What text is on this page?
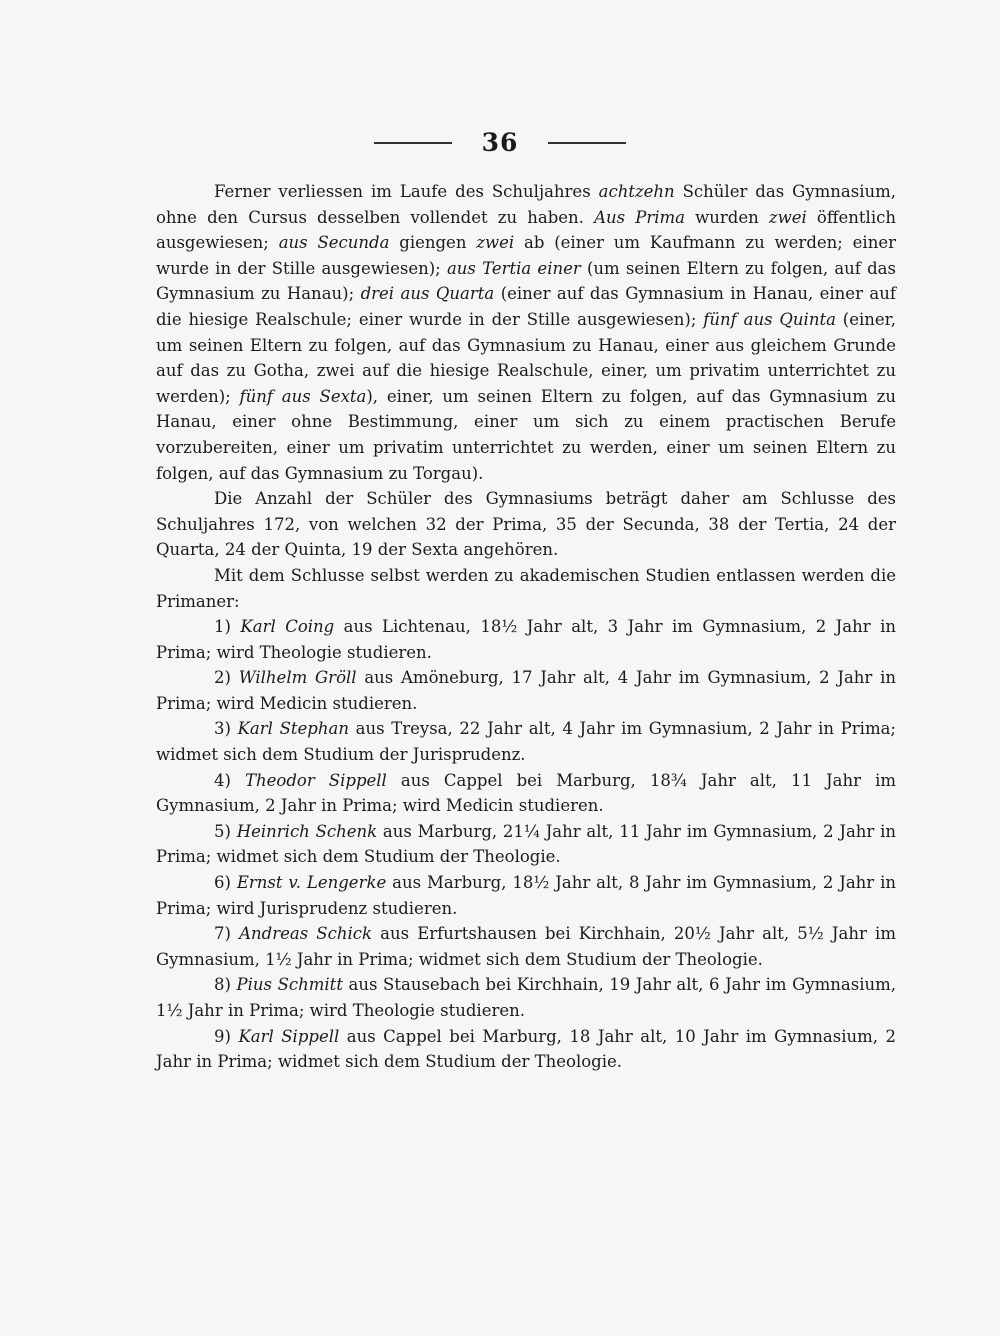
36

Ferner verliessen im Laufe des Schuljahres achtzehn Schüler das Gymnasium, ohne den Cursus desselben vollendet zu haben. Aus Prima wurden zwei öffentlich ausgewiesen; aus Secunda giengen zwei ab (einer um Kaufmann zu werden; einer wurde in der Stille ausgewiesen); aus Tertia einer (um seinen Eltern zu folgen, auf das Gymnasium zu Hanau); drei aus Quarta (einer auf das Gymnasium in Hanau, einer auf die hiesige Realschule; einer wurde in der Stille ausgewiesen); fünf aus Quinta (einer, um seinen Eltern zu folgen, auf das Gymnasium zu Hanau, einer aus gleichem Grunde auf das zu Gotha, zwei auf die hiesige Realschule, einer, um privatim unterrichtet zu werden); fünf aus Sexta), einer, um seinen Eltern zu folgen, auf das Gymnasium zu Hanau, einer ohne Bestimmung, einer um sich zu einem practischen Berufe vorzubereiten, einer um privatim unterrichtet zu werden, einer um seinen Eltern zu folgen, auf das Gymnasium zu Torgau).

Die Anzahl der Schüler des Gymnasiums beträgt daher am Schlusse des Schuljahres 172, von welchen 32 der Prima, 35 der Secunda, 38 der Tertia, 24 der Quarta, 24 der Quinta, 19 der Sexta angehören.

Mit dem Schlusse selbst werden zu akademischen Studien entlassen werden die Primaner:

1) Karl Coing aus Lichtenau, 18½ Jahr alt, 3 Jahr im Gymnasium, 2 Jahr in Prima; wird Theologie studieren.

2) Wilhelm Gröll aus Amöneburg, 17 Jahr alt, 4 Jahr im Gymnasium, 2 Jahr in Prima; wird Medicin studieren.

3) Karl Stephan aus Treysa, 22 Jahr alt, 4 Jahr im Gymnasium, 2 Jahr in Prima; widmet sich dem Studium der Jurisprudenz.

4) Theodor Sippell aus Cappel bei Marburg, 18¾ Jahr alt, 11 Jahr im Gymnasium, 2 Jahr in Prima; wird Medicin studieren.

5) Heinrich Schenk aus Marburg, 21¼ Jahr alt, 11 Jahr im Gymnasium, 2 Jahr in Prima; widmet sich dem Studium der Theologie.

6) Ernst v. Lengerke aus Marburg, 18½ Jahr alt, 8 Jahr im Gymnasium, 2 Jahr in Prima; wird Jurisprudenz studieren.

7) Andreas Schick aus Erfurtshausen bei Kirchhain, 20½ Jahr alt, 5½ Jahr im Gymnasium, 1½ Jahr in Prima; widmet sich dem Studium der Theologie.

8) Pius Schmitt aus Stausebach bei Kirchhain, 19 Jahr alt, 6 Jahr im Gymnasium, 1½ Jahr in Prima; wird Theologie studieren.

9) Karl Sippell aus Cappel bei Marburg, 18 Jahr alt, 10 Jahr im Gymnasium, 2 Jahr in Prima; widmet sich dem Studium der Theologie.
